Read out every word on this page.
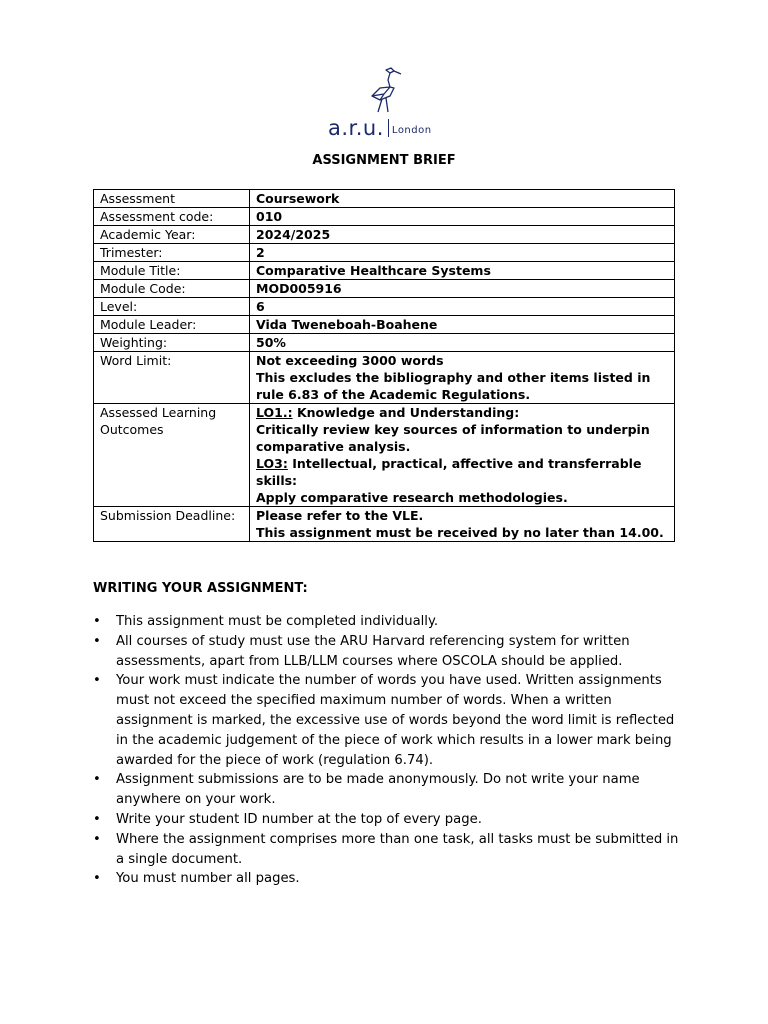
a.r.u. London
ASSIGNMENT BRIEF
Assessment	Coursework

Assessment code:	010

Academic Year:	2024/2025

Trimester:	2

Module Title:	Comparative Healthcare Systems

Module Code:	MOD005916

Level:	6

Module Leader:	Vida Tweneboah-Boahene

Weighting:	50%

Word Limit:	Not exceeding 3000 words
This excludes the bibliography and other items listed in rule 6.83 of the Academic Regulations.

Assessed Learning Outcomes	LO1.: Knowledge and Understanding:
Critically review key sources of information to underpin comparative analysis.
LO3: Intellectual, practical, affective and transferrable skills:
Apply comparative research methodologies.

Submission Deadline:	Please refer to the VLE.
This assignment must be received by no later than 14.00.
WRITING YOUR ASSIGNMENT:
• This assignment must be completed individually.
• All courses of study must use the ARU Harvard referencing system for written assessments, apart from LLB/LLM courses where OSCOLA should be applied.
• Your work must indicate the number of words you have used. Written assignments must not exceed the specified maximum number of words. When a written assignment is marked, the excessive use of words beyond the word limit is reflected in the academic judgement of the piece of work which results in a lower mark being awarded for the piece of work (regulation 6.74).
• Assignment submissions are to be made anonymously. Do not write your name anywhere on your work.
• Write your student ID number at the top of every page.
• Where the assignment comprises more than one task, all tasks must be submitted in a single document.
• You must number all pages.
